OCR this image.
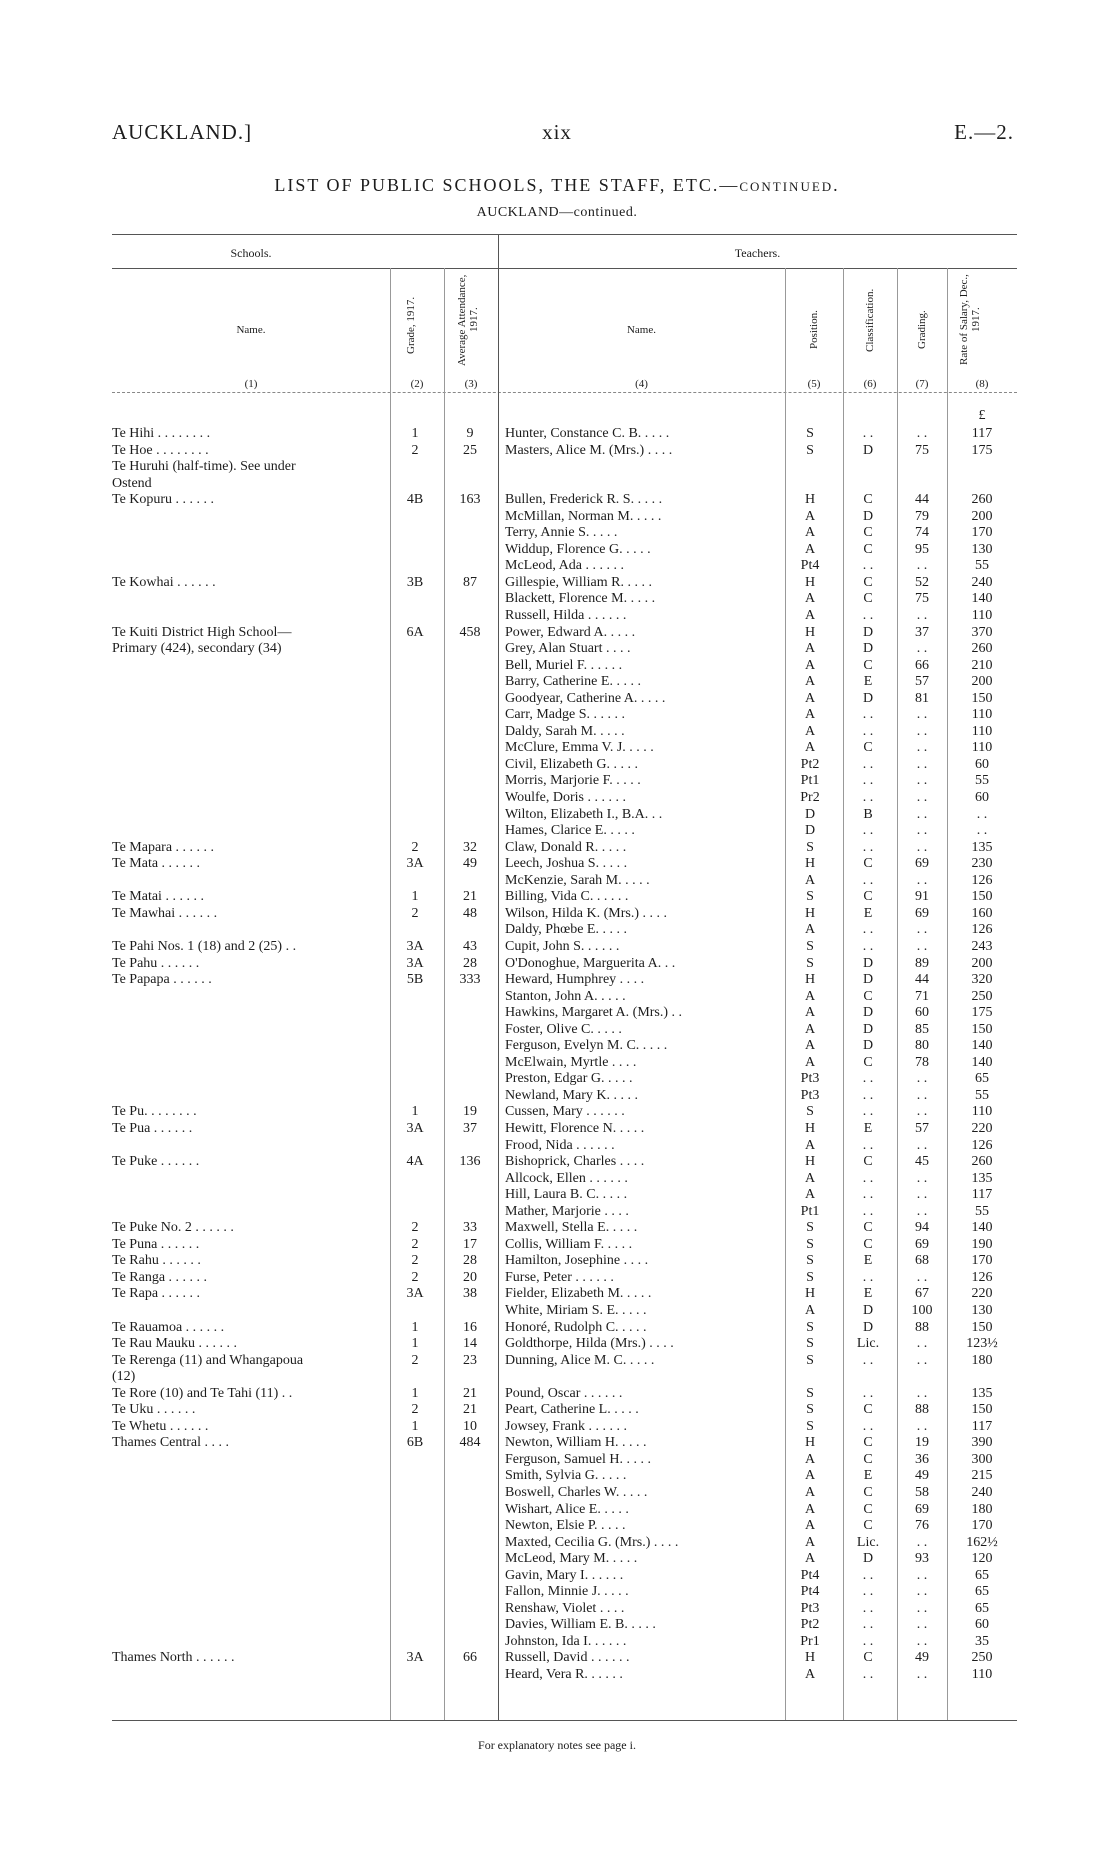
AUCKLAND.]	xix	E.—2.
LIST OF PUBLIC SCHOOLS, THE STAFF, ETC.—continued.
AUCKLAND—continued.
Schools.	Teachers.
Name.	Grade, 1917.	Average Attendance, 1917.	Name.	Position.	Classification.	Grading.	Rate of Salary, Dec., 1917.
(1)	(2)	(3)	(4)	(5)	(6)	(7)	(8)
£
Te Hihi . . . . . . . .	1	9	Hunter, Constance C. B. . . . .	S	. .	. .	117
Te Hoe . . . . . . . .	2	25	Masters, Alice M. (Mrs.) . . . .	S	D	75	175
Te Huruhi (half-time). See under
Ostend
Te Kopuru . . . . . .	4B	163	Bullen, Frederick R. S. . . . .	H	C	44	260
McMillan, Norman M. . . . .	A	D	79	200
Terry, Annie S. . . . .	A	C	74	170
Widdup, Florence G. . . . .	A	C	95	130
McLeod, Ada . . . . . .	Pt4	. .	. .	55
Te Kowhai . . . . . .	3B	87	Gillespie, William R. . . . .	H	C	52	240
Blackett, Florence M. . . . .	A	C	75	140
Russell, Hilda . . . . . .	A	. .	. .	110
Te Kuiti District High School—	6A	458	Power, Edward A. . . . .	H	D	37	370
Primary (424), secondary (34)	Grey, Alan Stuart . . . .	A	D	. .	260
Bell, Muriel F. . . . . .	A	C	66	210
Barry, Catherine E. . . . .	A	E	57	200
Goodyear, Catherine A. . . . .	A	D	81	150
Carr, Madge S. . . . . .	A	. .	. .	110
Daldy, Sarah M. . . . .	A	. .	. .	110
McClure, Emma V. J. . . . .	A	C	. .	110
Civil, Elizabeth G. . . . .	Pt2	. .	. .	60
Morris, Marjorie F. . . . .	Pt1	. .	. .	55
Woulfe, Doris . . . . . .	Pr2	. .	. .	60
Wilton, Elizabeth I., B.A. . .	D	B	. .	. .
Hames, Clarice E. . . . .	D	. .	. .	. .
Te Mapara . . . . . .	2	32	Claw, Donald R. . . . .	S	. .	. .	135
Te Mata . . . . . .	3A	49	Leech, Joshua S. . . . .	H	C	69	230
McKenzie, Sarah M. . . . .	A	. .	. .	126
Te Matai . . . . . .	1	21	Billing, Vida C. . . . . .	S	C	91	150
Te Mawhai . . . . . .	2	48	Wilson, Hilda K. (Mrs.) . . . .	H	E	69	160
Daldy, Phœbe E. . . . .	A	. .	. .	126
Te Pahi Nos. 1 (18) and 2 (25) . .	3A	43	Cupit, John S. . . . . .	S	. .	. .	243
Te Pahu . . . . . .	3A	28	O'Donoghue, Marguerita A. . .	S	D	89	200
Te Papapa . . . . . .	5B	333	Heward, Humphrey . . . .	H	D	44	320
Stanton, John A. . . . .	A	C	71	250
Hawkins, Margaret A. (Mrs.) . .	A	D	60	175
Foster, Olive C. . . . .	A	D	85	150
Ferguson, Evelyn M. C. . . . .	A	D	80	140
McElwain, Myrtle . . . .	A	C	78	140
Preston, Edgar G. . . . .	Pt3	. .	. .	65
Newland, Mary K. . . . .	Pt3	. .	. .	55
Te Pu. . . . . . . .	1	19	Cussen, Mary . . . . . .	S	. .	. .	110
Te Pua . . . . . .	3A	37	Hewitt, Florence N. . . . .	H	E	57	220
Frood, Nida . . . . . .	A	. .	. .	126
Te Puke . . . . . .	4A	136	Bishoprick, Charles . . . .	H	C	45	260
Allcock, Ellen . . . . . .	A	. .	. .	135
Hill, Laura B. C. . . . .	A	. .	. .	117
Mather, Marjorie . . . .	Pt1	. .	. .	55
Te Puke No. 2 . . . . . .	2	33	Maxwell, Stella E. . . . .	S	C	94	140
Te Puna . . . . . .	2	17	Collis, William F. . . . .	S	C	69	190
Te Rahu . . . . . .	2	28	Hamilton, Josephine . . . .	S	E	68	170
Te Ranga . . . . . .	2	20	Furse, Peter . . . . . .	S	. .	. .	126
Te Rapa . . . . . .	3A	38	Fielder, Elizabeth M. . . . .	H	E	67	220
White, Miriam S. E. . . . .	A	D	100	130
Te Rauamoa . . . . . .	1	16	Honoré, Rudolph C. . . . .	S	D	88	150
Te Rau Mauku . . . . . .	1	14	Goldthorpe, Hilda (Mrs.) . . . .	S	Lic.	. .	123½
Te Rerenga (11) and Whangapoua	2	23	Dunning, Alice M. C. . . . .	S	. .	. .	180
(12)
Te Rore (10) and Te Tahi (11) . .	1	21	Pound, Oscar . . . . . .	S	. .	. .	135
Te Uku . . . . . .	2	21	Peart, Catherine L. . . . .	S	C	88	150
Te Whetu . . . . . .	1	10	Jowsey, Frank . . . . . .	S	. .	. .	117
Thames Central . . . .	6B	484	Newton, William H. . . . .	H	C	19	390
Ferguson, Samuel H. . . . .	A	C	36	300
Smith, Sylvia G. . . . .	A	E	49	215
Boswell, Charles W. . . . .	A	C	58	240
Wishart, Alice E. . . . .	A	C	69	180
Newton, Elsie P. . . . .	A	C	76	170
Maxted, Cecilia G. (Mrs.) . . . .	A	Lic.	. .	162½
McLeod, Mary M. . . . .	A	D	93	120
Gavin, Mary I. . . . . .	Pt4	. .	. .	65
Fallon, Minnie J. . . . .	Pt4	. .	. .	65
Renshaw, Violet . . . .	Pt3	. .	. .	65
Davies, William E. B. . . . .	Pt2	. .	. .	60
Johnston, Ida I. . . . . .	Pr1	. .	. .	35
Thames North . . . . . .	3A	66	Russell, David . . . . . .	H	C	49	250
Heard, Vera R. . . . . .	A	. .	. .	110
For explanatory notes see page i.
